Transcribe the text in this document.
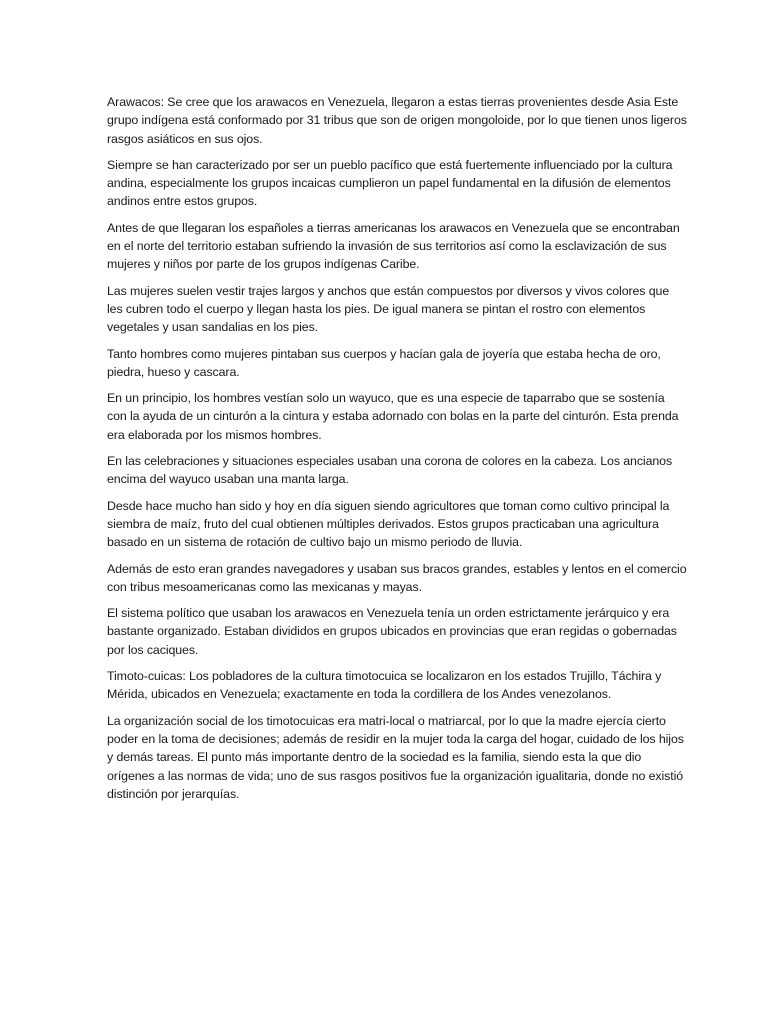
Arawacos: Se cree que los arawacos en Venezuela, llegaron a estas tierras provenientes desde Asia Este grupo indígena está conformado por 31 tribus que son de origen mongoloide, por lo que tienen unos ligeros rasgos asiáticos en sus ojos.

Siempre se han caracterizado por ser un pueblo pacífico que está fuertemente influenciado por la cultura andina, especialmente los grupos incaicas cumplieron un papel fundamental en la difusión de elementos andinos entre estos grupos.

Antes de que llegaran los españoles a tierras americanas los arawacos en Venezuela que se encontraban en el norte del territorio estaban sufriendo la invasión de sus territorios así como la esclavización de sus mujeres y niños por parte de los grupos indígenas Caribe.

Las mujeres suelen vestir trajes largos y anchos que están compuestos por diversos y vivos colores que les cubren todo el cuerpo y llegan hasta los pies. De igual manera se pintan el rostro con elementos vegetales y usan sandalias en los pies.

Tanto hombres como mujeres pintaban sus cuerpos y hacían gala de joyería que estaba hecha de oro, piedra, hueso y cascara.

En un principio, los hombres vestían solo un wayuco, que es una especie de taparrabo que se sostenía con la ayuda de un cinturón a la cintura y estaba adornado con bolas en la parte del cinturón. Esta prenda era elaborada por los mismos hombres.

En las celebraciones y situaciones especiales usaban una corona de colores en la cabeza. Los ancianos encima del wayuco usaban una manta larga.

Desde hace mucho han sido y hoy en día siguen siendo agricultores que toman como cultivo principal la siembra de maíz, fruto del cual obtienen múltiples derivados. Estos grupos practicaban una agricultura basado en un sistema de rotación de cultivo bajo un mismo periodo de lluvia.

Además de esto eran grandes navegadores y usaban sus bracos grandes, estables y lentos en el comercio con tribus mesoamericanas como las mexicanas y mayas.

El sistema político que usaban los arawacos en Venezuela tenía un orden estrictamente jerárquico y era bastante organizado. Estaban divididos en grupos ubicados en provincias que eran regidas o gobernadas por los caciques.

Timoto-cuicas: Los pobladores de la cultura timotocuica se localizaron en los estados Trujillo, Táchira y Mérida, ubicados en Venezuela; exactamente en toda la cordillera de los Andes venezolanos.

La organización social de los timotocuicas era matri-local o matriarcal, por lo que la madre ejercía cierto poder en la toma de decisiones; además de residir en la mujer toda la carga del hogar, cuidado de los hijos y demás tareas. El punto más importante dentro de la sociedad es la familia, siendo esta la que dio orígenes a las normas de vida; uno de sus rasgos positivos fue la organización igualitaria, donde no existió distinción por jerarquías.
